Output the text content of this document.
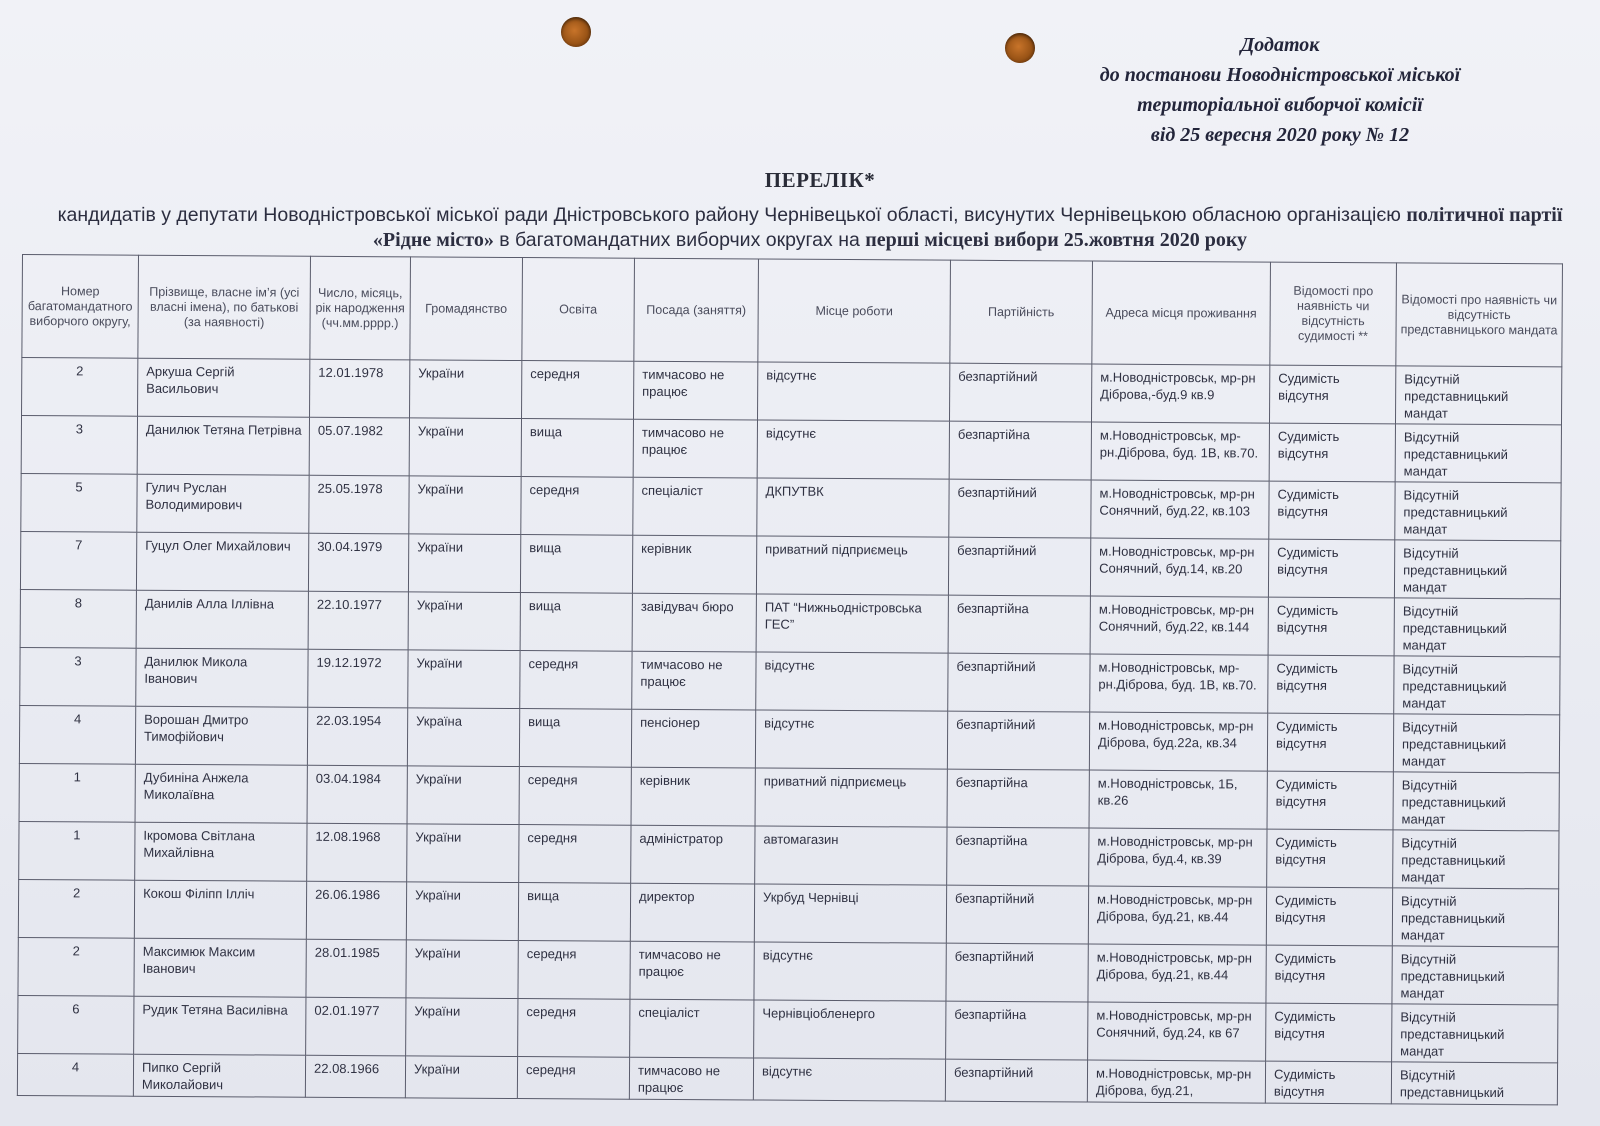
Додаток
до постанови Новодністровської міської
територіальної виборчої комісії
від 25 вересня 2020 року № 12
ПЕРЕЛІК*
кандидатів у депутати Новодністровської міської ради Дністровського району Чернівецької області, висунутих Чернівецькою обласною організацією політичної партії «Рідне місто» в багатомандатних виборчих округах на перші місцеві вибори 25.жовтня 2020 року
Номер багатомандатного виборчого округу,	Прізвище, власне ім’я (усі власні імена), по батькові (за наявності)	Число, місяць, рік народження (чч.мм.рррр.)	Громадянство	Освіта	Посада (заняття)	Місце роботи	Партійність	Адреса місця проживання	Відомості про наявність чи відсутність судимості **	Відомості про наявність чи відсутність представницького мандата
2	Аркуша Сергій Васильович	12.01.1978	України	середня	тимчасово не працює	відсутнє	безпартійний	м.Новодністровськ, мр-рн Діброва,-буд.9 кв.9	Судимість відсутня	Відсутній представницький мандат
3	Данилюк Тетяна Петрівна	05.07.1982	України	вища	тимчасово не працює	відсутнє	безпартійна	м.Новодністровськ, мр-рн.Діброва, буд. 1В, кв.70.	Судимість відсутня	Відсутній представницький мандат
5	Гулич Руслан Володимирович	25.05.1978	України	середня	спеціаліст	ДКПУТВК	безпартійний	м.Новодністровськ, мр-рн Сонячний, буд.22, кв.103	Судимість відсутня	Відсутній представницький мандат
7	Гуцул Олег Михайлович	30.04.1979	України	вища	керівник	приватний підприємець	безпартійний	м.Новодністровськ, мр-рн Сонячний, буд.14, кв.20	Судимість відсутня	Відсутній представницький мандат
8	Данилів Алла Іллівна	22.10.1977	України	вища	завідувач бюро	ПАТ “Нижньодністровська ГЕС”	безпартійна	м.Новодністровськ, мр-рн Сонячний, буд.22, кв.144	Судимість відсутня	Відсутній представницький мандат
3	Данилюк Микола Іванович	19.12.1972	України	середня	тимчасово не працює	відсутнє	безпартійний	м.Новодністровськ, мр-рн.Діброва, буд. 1В, кв.70.	Судимість відсутня	Відсутній представницький мандат
4	Ворошан Дмитро Тимофійович	22.03.1954	Україна	вища	пенсіонер	відсутнє	безпартійний	м.Новодністровськ, мр-рн Діброва, буд.22а, кв.34	Судимість відсутня	Відсутній представницький мандат
1	Дубиніна Анжела Миколаївна	03.04.1984	України	середня	керівник	приватний підприємець	безпартійна	м.Новодністровськ, 1Б, кв.26	Судимість відсутня	Відсутній представницький мандат
1	Ікромова Світлана Михайлівна	12.08.1968	України	середня	адміністратор	автомагазин	безпартійна	м.Новодністровськ, мр-рн Діброва, буд.4, кв.39	Судимість відсутня	Відсутній представницький мандат
2	Кокош Філіпп Ілліч	26.06.1986	України	вища	директор	Укрбуд Чернівці	безпартійний	м.Новодністровськ, мр-рн Діброва, буд.21, кв.44	Судимість відсутня	Відсутній представницький мандат
2	Максимюк Максим Іванович	28.01.1985	України	середня	тимчасово не працює	відсутнє	безпартійний	м.Новодністровськ, мр-рн Діброва, буд.21, кв.44	Судимість відсутня	Відсутній представницький мандат
6	Рудик Тетяна Василівна	02.01.1977	України	середня	спеціаліст	Чернівціобленерго	безпартійна	м.Новодністровськ, мр-рн Сонячний, буд.24, кв 67	Судимість відсутня	Відсутній представницький мандат
4	Пипко Сергій Миколайович	22.08.1966	України	середня	тимчасово не працює	відсутнє	безпартійний	м.Новодністровськ, мр-рн Діброва, буд.21,	Судимість відсутня	Відсутній представницький
